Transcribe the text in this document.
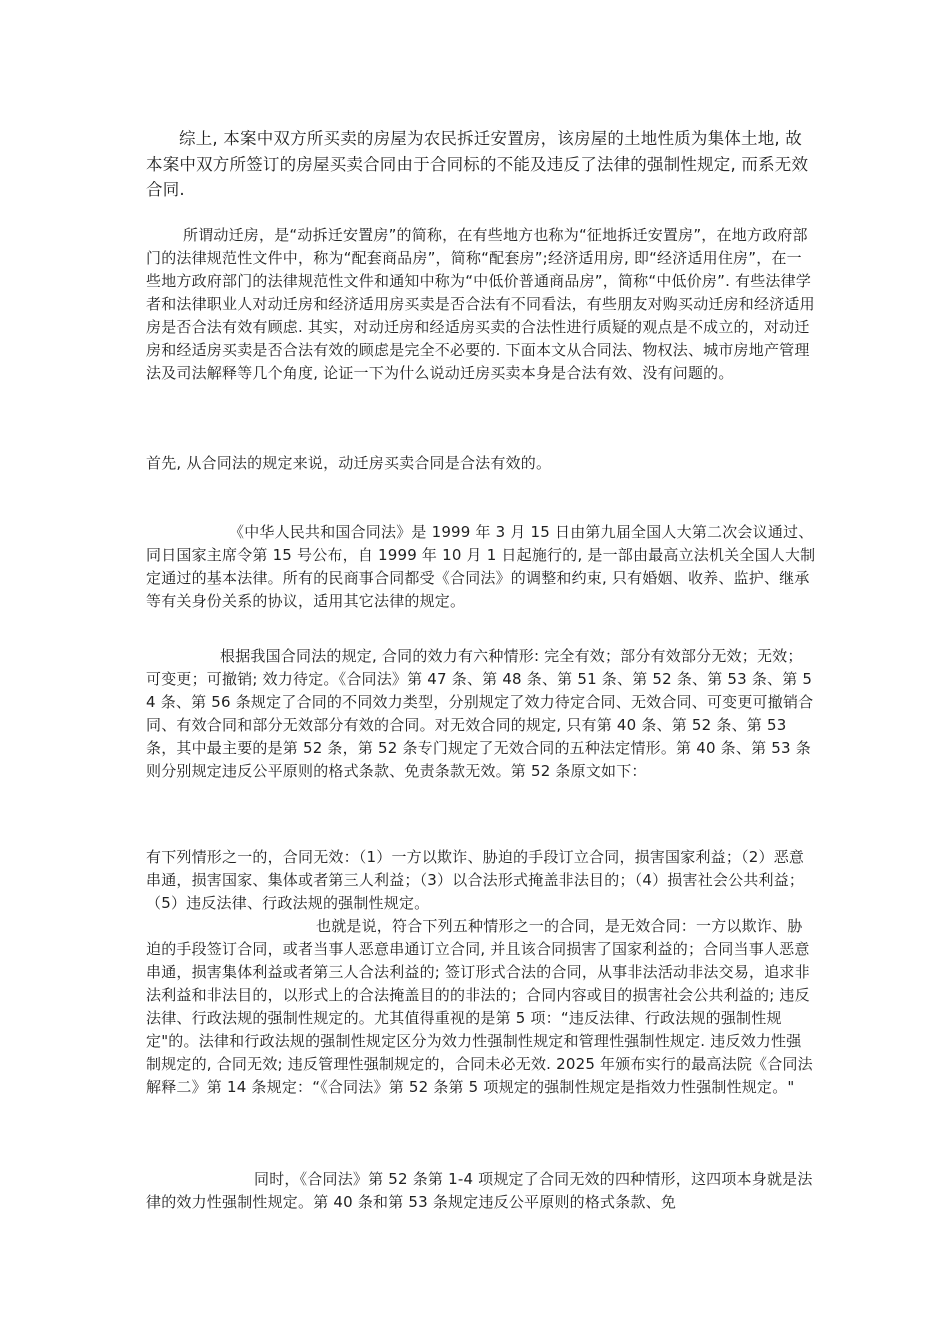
综上, 本案中双方所买卖的房屋为农民拆迁安置房，该房屋的土地性质为集体土地, 故本案中双方所签订的房屋买卖合同由于合同标的不能及违反了法律的强制性规定, 而系无效合同.

所谓动迁房，是“动拆迁安置房”的简称，在有些地方也称为“征地拆迁安置房”，在地方政府部门的法律规范性文件中，称为“配套商品房”，简称“配套房”;经济适用房, 即“经济适用住房”，在一些地方政府部门的法律规范性文件和通知中称为“中低价普通商品房”，简称“中低价房”. 有些法律学者和法律职业人对动迁房和经济适用房买卖是否合法有不同看法，有些朋友对购买动迁房和经济适用房是否合法有效有顾虑. 其实，对动迁房和经适房买卖的合法性进行质疑的观点是不成立的，对动迁房和经适房买卖是否合法有效的顾虑是完全不必要的. 下面本文从合同法、物权法、城市房地产管理法及司法解释等几个角度, 论证一下为什么说动迁房买卖本身是合法有效、没有问题的。

首先, 从合同法的规定来说，动迁房买卖合同是合法有效的。

《中华人民共和国合同法》是 1999 年 3 月 15 日由第九届全国人大第二次会议通过、同日国家主席令第 15 号公布，自 1999 年 10 月 1 日起施行的, 是一部由最高立法机关全国人大制定通过的基本法律。所有的民商事合同都受《合同法》的调整和约束, 只有婚姻、收养、监护、继承等有关身份关系的协议，适用其它法律的规定。

根据我国合同法的规定, 合同的效力有六种情形: 完全有效；部分有效部分无效；无效；可变更；可撤销; 效力待定。《合同法》第 47 条、第 48 条、第 51 条、第 52 条、第 53 条、第 54 条、第 56 条规定了合同的不同效力类型，分别规定了效力待定合同、无效合同、可变更可撤销合同、有效合同和部分无效部分有效的合同。对无效合同的规定, 只有第 40 条、第 52 条、第 53 条，其中最主要的是第 52 条，第 52 条专门规定了无效合同的五种法定情形。第 40 条、第 53 条则分别规定违反公平原则的格式条款、免责条款无效。第 52 条原文如下：

有下列情形之一的，合同无效：（1）一方以欺诈、胁迫的手段订立合同，损害国家利益；（2）恶意串通，损害国家、集体或者第三人利益；（3）以合法形式掩盖非法目的；（4）损害社会公共利益；（5）违反法律、行政法规的强制性规定。

也就是说，符合下列五种情形之一的合同，是无效合同：一方以欺诈、胁迫的手段签订合同，或者当事人恶意串通订立合同, 并且该合同损害了国家利益的；合同当事人恶意串通，损害集体利益或者第三人合法利益的; 签订形式合法的合同，从事非法活动非法交易，追求非法利益和非法目的，以形式上的合法掩盖目的的非法的；合同内容或目的损害社会公共利益的; 违反法律、行政法规的强制性规定的。尤其值得重视的是第 5 项：“违反法律、行政法规的强制性规定"的。法律和行政法规的强制性规定区分为效力性强制性规定和管理性强制性规定. 违反效力性强制规定的, 合同无效; 违反管理性强制规定的，合同未必无效. 2025 年颁布实行的最高法院《合同法解释二》第 14 条规定：“《合同法》第 52 条第 5 项规定的强制性规定是指效力性强制性规定。"

同时，《合同法》第 52 条第 1-4 项规定了合同无效的四种情形，这四项本身就是法律的效力性强制性规定。第 40 条和第 53 条规定违反公平原则的格式条款、免
